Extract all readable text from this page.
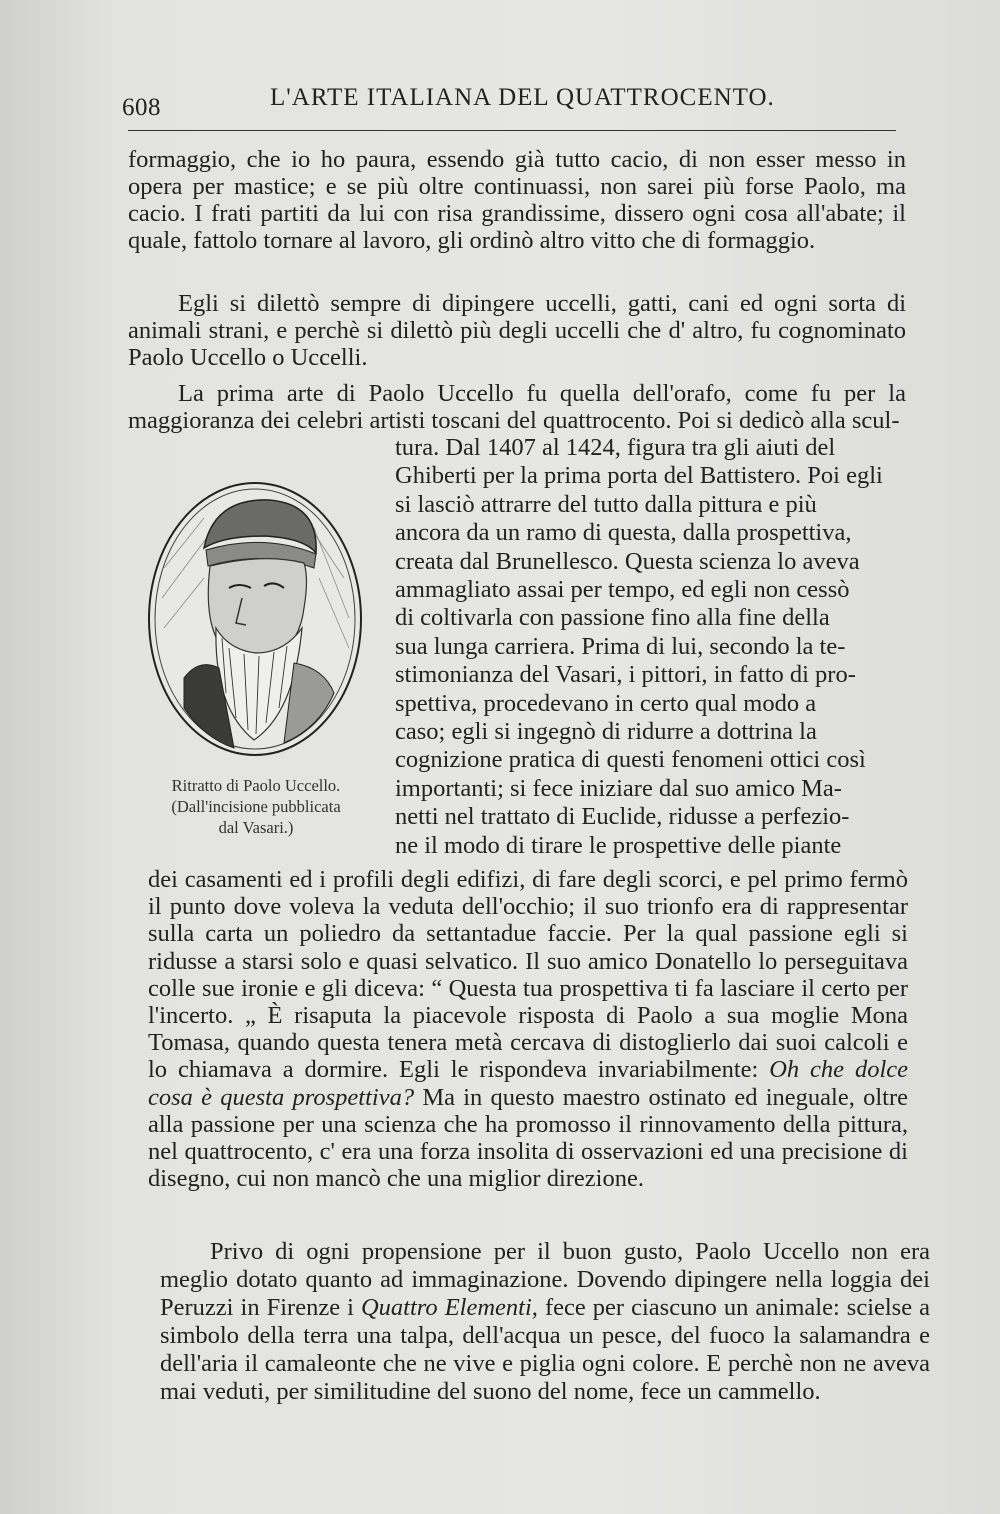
608	L'ARTE ITALIANA DEL QUATTROCENTO.

formaggio, che io ho paura, essendo già tutto cacio, di non esser messo in opera per mastice; e se più oltre continuassi, non sarei più forse Paolo, ma cacio. I frati partiti da lui con risa grandissime, dissero ogni cosa all'abate; il quale, fattolo tornare al lavoro, gli ordinò altro vitto che di formaggio.

Egli si dilettò sempre di dipingere uccelli, gatti, cani ed ogni sorta di animali strani, e perchè si dilettò più degli uccelli che d' altro, fu cognominato Paolo Uccello o Uccelli.

La prima arte di Paolo Uccello fu quella dell'orafo, come fu per la maggioranza dei celebri artisti toscani del quattrocento. Poi si dedicò alla scul-

tura. Dal 1407 al 1424, figura tra gli aiuti del
Ghiberti per la prima porta del Battistero. Poi egli
si lasciò attrarre del tutto dalla pittura e più
ancora da un ramo di questa, dalla prospettiva,
creata dal Brunellesco. Questa scienza lo aveva
ammagliato assai per tempo, ed egli non cessò
di coltivarla con passione fino alla fine della
sua lunga carriera. Prima di lui, secondo la te-
stimonianza del Vasari, i pittori, in fatto di pro-
spettiva, procedevano in certo qual modo a
caso; egli si ingegnò di ridurre a dottrina la
cognizione pratica di questi fenomeni ottici così
importanti; si fece iniziare dal suo amico Ma-
netti nel trattato di Euclide, ridusse a perfezio-
ne il modo di tirare le prospettive delle piante
Ritratto di Paolo Uccello.
(Dall'incisione pubblicata
dal Vasari.)

dei casamenti ed i profili degli edifizi, di fare degli scorci, e pel primo fermò il punto dove voleva la veduta dell'occhio; il suo trionfo era di rappresentar sulla carta un poliedro da settantadue faccie. Per la qual passione egli si ridusse a starsi solo e quasi selvatico. Il suo amico Donatello lo perseguitava colle sue ironie e gli diceva: “ Questa tua prospettiva ti fa lasciare il certo per l'incerto. „ È risaputa la piacevole risposta di Paolo a sua moglie Mona Tomasa, quando questa tenera metà cercava di distoglierlo dai suoi calcoli e lo chiamava a dormire. Egli le rispondeva invariabilmente: Oh che dolce cosa è questa prospettiva? Ma in questo maestro ostinato ed ineguale, oltre alla passione per una scienza che ha promosso il rinnovamento della pittura, nel quattrocento, c' era una forza insolita di osservazioni ed una precisione di disegno, cui non mancò che una miglior direzione.

Privo di ogni propensione per il buon gusto, Paolo Uccello non era meglio dotato quanto ad immaginazione. Dovendo dipingere nella loggia dei Peruzzi in Firenze i Quattro Elementi, fece per ciascuno un animale: scielse a simbolo della terra una talpa, dell'acqua un pesce, del fuoco la salamandra e dell'aria il camaleonte che ne vive e piglia ogni colore. E perchè non ne aveva mai veduti, per similitudine del suono del nome, fece un cammello.
